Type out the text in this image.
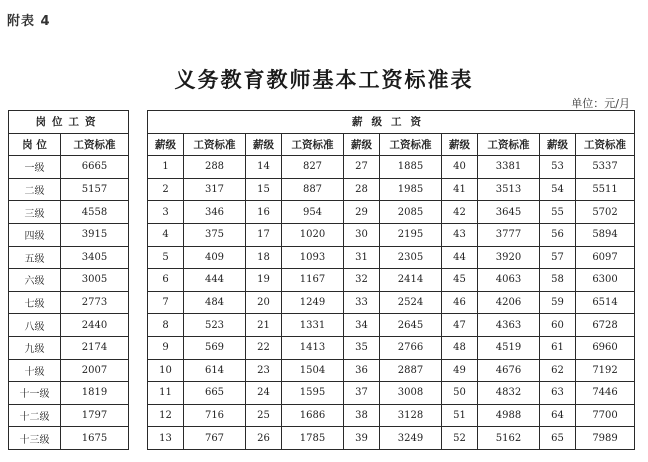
附表 4
义务教育教师基本工资标准表
单位：元/月
岗位工资	
岗 位	工资标准
一级	6665
二级	5157
三级	4558
四级	3915
五级	3405
六级	3005
七级	2773
八级	2440
九级	2174
十级	2007
十一级	1819
十二级	1797
十三级	1675
薪级工资									
薪级	工资标准	薪级	工资标准	薪级	工资标准	薪级	工资标准	薪级	工资标准
1	288	14	827	27	1885	40	3381	53	5337
2	317	15	887	28	1985	41	3513	54	5511
3	346	16	954	29	2085	42	3645	55	5702
4	375	17	1020	30	2195	43	3777	56	5894
5	409	18	1093	31	2305	44	3920	57	6097
6	444	19	1167	32	2414	45	4063	58	6300
7	484	20	1249	33	2524	46	4206	59	6514
8	523	21	1331	34	2645	47	4363	60	6728
9	569	22	1413	35	2766	48	4519	61	6960
10	614	23	1504	36	2887	49	4676	62	7192
11	665	24	1595	37	3008	50	4832	63	7446
12	716	25	1686	38	3128	51	4988	64	7700
13	767	26	1785	39	3249	52	5162	65	7989
